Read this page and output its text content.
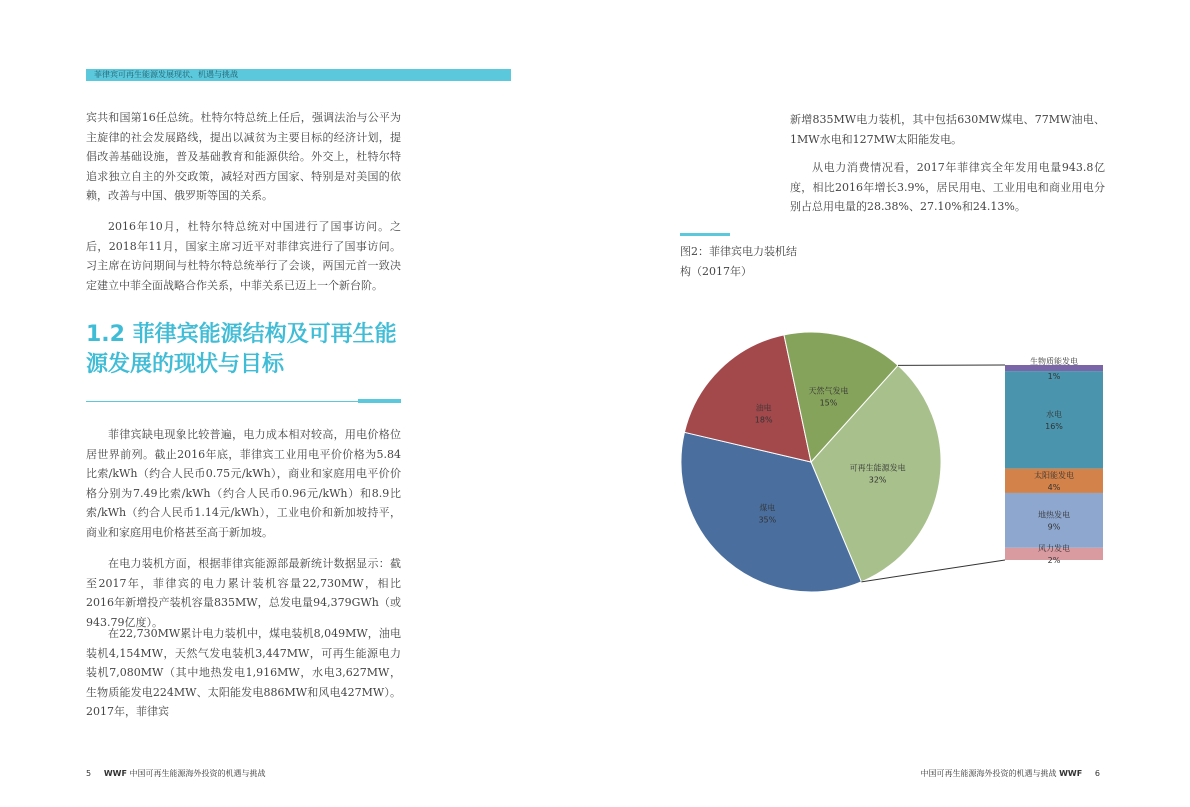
菲律宾可再生能源发展现状、机遇与挑战

宾共和国第16任总统。杜特尔特总统上任后，强调法治与公平为主旋律的社会发展路线，提出以减贫为主要目标的经济计划，提倡改善基础设施，普及基础教育和能源供给。外交上，杜特尔特追求独立自主的外交政策，减轻对西方国家、特别是对美国的依赖，改善与中国、俄罗斯等国的关系。

2016年10月，杜特尔特总统对中国进行了国事访问。之后，2018年11月，国家主席习近平对菲律宾进行了国事访问。习主席在访问期间与杜特尔特总统举行了会谈，两国元首一致决定建立中菲全面战略合作关系，中菲关系已迈上一个新台阶。

1.2 菲律宾能源结构及可再生能源发展的现状与目标

菲律宾缺电现象比较普遍，电力成本相对较高，用电价格位居世界前列。截止2016年底，菲律宾工业用电平价价格为5.84比索/kWh（约合人民币0.75元/kWh），商业和家庭用电平价价格分别为7.49比索/kWh（约合人民币0.96元/kWh）和8.9比索/kWh（约合人民币1.14元/kWh），工业电价和新加坡持平，商业和家庭用电价格甚至高于新加坡。

在电力装机方面，根据菲律宾能源部最新统计数据显示：截至2017年，菲律宾的电力累计装机容量22,730MW，相比2016年新增投产装机容量835MW，总发电量94,379GWh（或943.79亿度）。

在22,730MW累计电力装机中，煤电装机8,049MW，油电装机4,154MW，天然气发电装机3,447MW，可再生能源电力装机7,080MW（其中地热发电1,916MW，水电3,627MW，生物质能发电224MW、太阳能发电886MW和风电427MW）。2017年，菲律宾

新增835MW电力装机，其中包括630MW煤电、77MW油电、1MW水电和127MW太阳能发电。

从电力消费情况看，2017年菲律宾全年发用电量943.8亿度，相比2016年增长3.9%，居民用电、工业用电和商业用电分别占总用电量的28.38%、27.10%和24.13%。

图2：菲律宾电力装机结构（2017年）
可再生能源发电
32%
煤电
35%
油电
18%
天然气发电
15%
生物质能发电
1%
水电
16%
太阳能发电
4%
地热发电
9%
风力发电
2%
5 WWF 中国可再生能源海外投资的机遇与挑战	中国可再生能源海外投资的机遇与挑战 WWF 6
